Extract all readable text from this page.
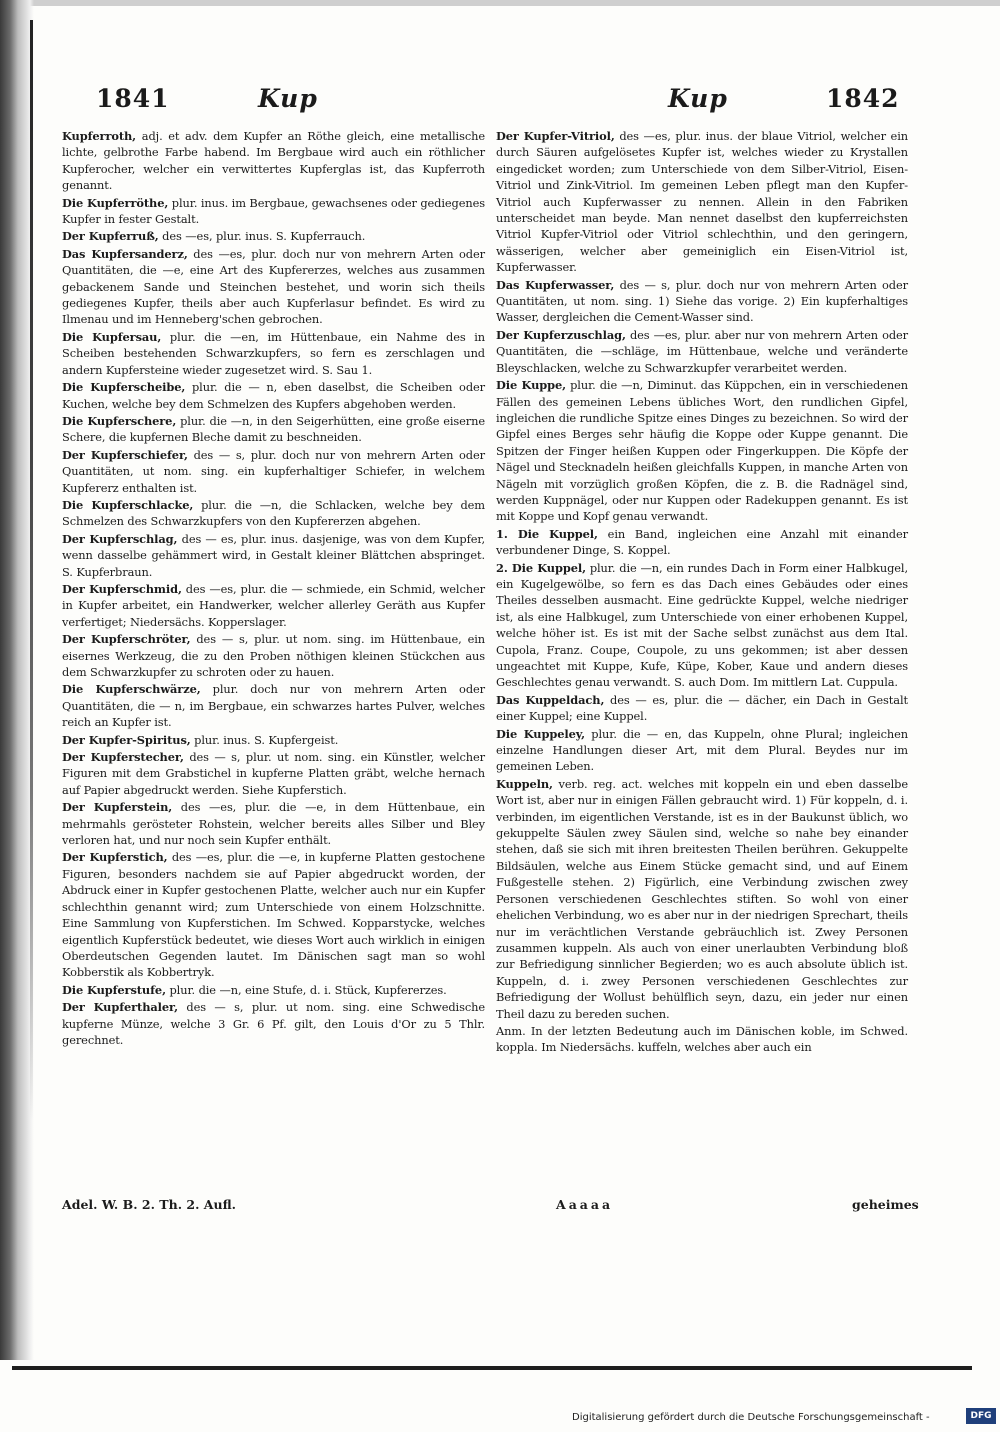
1841	Kup	Kup	1842

Kupferroth, adj. et adv. dem Kupfer an Röthe gleich, eine metallische lichte, gelbrothe Farbe habend. Im Bergbaue wird auch ein röthlicher Kupferocher, welcher ein verwittertes Kupferglas ist, das Kupferroth genannt.

Die Kupferröthe, plur. inus. im Bergbaue, gewachsenes oder gediegenes Kupfer in fester Gestalt.

Der Kupferruß, des —es, plur. inus. S. Kupferrauch.

Das Kupfersanderz, des —es, plur. doch nur von mehrern Arten oder Quantitäten, die —e, eine Art des Kupfererzes, welches aus zusammen gebackenem Sande und Steinchen bestehet, und worin sich theils gediegenes Kupfer, theils aber auch Kupferlasur befindet. Es wird zu Ilmenau und im Henneberg'schen gebrochen.

Die Kupfersau, plur. die —en, im Hüttenbaue, ein Nahme des in Scheiben bestehenden Schwarzkupfers, so fern es zerschlagen und andern Kupfersteine wieder zugesetzet wird. S. Sau 1.

Die Kupferscheibe, plur. die — n, eben daselbst, die Scheiben oder Kuchen, welche bey dem Schmelzen des Kupfers abgehoben werden.

Die Kupferschere, plur. die —n, in den Seigerhütten, eine große eiserne Schere, die kupfernen Bleche damit zu beschneiden.

Der Kupferschiefer, des — s, plur. doch nur von mehrern Arten oder Quantitäten, ut nom. sing. ein kupferhaltiger Schiefer, in welchem Kupfererz enthalten ist.

Die Kupferschlacke, plur. die —n, die Schlacken, welche bey dem Schmelzen des Schwarzkupfers von den Kupfererzen abgehen.

Der Kupferschlag, des — es, plur. inus. dasjenige, was von dem Kupfer, wenn dasselbe gehämmert wird, in Gestalt kleiner Blättchen abspringet. S. Kupferbraun.

Der Kupferschmid, des —es, plur. die — schmiede, ein Schmid, welcher in Kupfer arbeitet, ein Handwerker, welcher allerley Geräth aus Kupfer verfertiget; Niedersächs. Kopperslager.

Der Kupferschröter, des — s, plur. ut nom. sing. im Hüttenbaue, ein eisernes Werkzeug, die zu den Proben nöthigen kleinen Stückchen aus dem Schwarzkupfer zu schroten oder zu hauen.

Die Kupferschwärze, plur. doch nur von mehrern Arten oder Quantitäten, die — n, im Bergbaue, ein schwarzes hartes Pulver, welches reich an Kupfer ist.

Der Kupfer-Spiritus, plur. inus. S. Kupfergeist.

Der Kupferstecher, des — s, plur. ut nom. sing. ein Künstler, welcher Figuren mit dem Grabstichel in kupferne Platten gräbt, welche hernach auf Papier abgedruckt werden. Siehe Kupferstich.

Der Kupferstein, des —es, plur. die —e, in dem Hüttenbaue, ein mehrmahls gerösteter Rohstein, welcher bereits alles Silber und Bley verloren hat, und nur noch sein Kupfer enthält.

Der Kupferstich, des —es, plur. die —e, in kupferne Platten gestochene Figuren, besonders nachdem sie auf Papier abgedruckt worden, der Abdruck einer in Kupfer gestochenen Platte, welcher auch nur ein Kupfer schlechthin genannt wird; zum Unterschiede von einem Holzschnitte. Eine Sammlung von Kupferstichen. Im Schwed. Kopparstycke, welches eigentlich Kupferstück bedeutet, wie dieses Wort auch wirklich in einigen Oberdeutschen Gegenden lautet. Im Dänischen sagt man so wohl Kobberstik als Kobbertryk.

Die Kupferstufe, plur. die —n, eine Stufe, d. i. Stück, Kupfererzes.

Der Kupferthaler, des — s, plur. ut nom. sing. eine Schwedische kupferne Münze, welche 3 Gr. 6 Pf. gilt, den Louis d'Or zu 5 Thlr. gerechnet.

Der Kupfer-Vitriol, des —es, plur. inus. der blaue Vitriol, welcher ein durch Säuren aufgelösetes Kupfer ist, welches wieder zu Krystallen eingedicket worden; zum Unterschiede von dem Silber-Vitriol, Eisen-Vitriol und Zink-Vitriol. Im gemeinen Leben pflegt man den Kupfer-Vitriol auch Kupferwasser zu nennen. Allein in den Fabriken unterscheidet man beyde. Man nennet daselbst den kupferreichsten Vitriol Kupfer-Vitriol oder Vitriol schlechthin, und den geringern, wässerigen, welcher aber gemeiniglich ein Eisen-Vitriol ist, Kupferwasser.

Das Kupferwasser, des — s, plur. doch nur von mehrern Arten oder Quantitäten, ut nom. sing. 1) Siehe das vorige. 2) Ein kupferhaltiges Wasser, dergleichen die Cement-Wasser sind.

Der Kupferzuschlag, des —es, plur. aber nur von mehrern Arten oder Quantitäten, die —schläge, im Hüttenbaue, welche und veränderte Bleyschlacken, welche zu Schwarzkupfer verarbeitet werden.

Die Kuppe, plur. die —n, Diminut. das Küppchen, ein in verschiedenen Fällen des gemeinen Lebens übliches Wort, den rundlichen Gipfel, ingleichen die rundliche Spitze eines Dinges zu bezeichnen. So wird der Gipfel eines Berges sehr häufig die Koppe oder Kuppe genannt. Die Spitzen der Finger heißen Kuppen oder Fingerkuppen. Die Köpfe der Nägel und Stecknadeln heißen gleichfalls Kuppen, in manche Arten von Nägeln mit vorzüglich großen Köpfen, die z. B. die Radnägel sind, werden Kuppnägel, oder nur Kuppen oder Radekuppen genannt. Es ist mit Koppe und Kopf genau verwandt.

1. Die Kuppel, ein Band, ingleichen eine Anzahl mit einander verbundener Dinge, S. Koppel.

2. Die Kuppel, plur. die —n, ein rundes Dach in Form einer Halbkugel, ein Kugelgewölbe, so fern es das Dach eines Gebäudes oder eines Theiles desselben ausmacht. Eine gedrückte Kuppel, welche niedriger ist, als eine Halbkugel, zum Unterschiede von einer erhobenen Kuppel, welche höher ist. Es ist mit der Sache selbst zunächst aus dem Ital. Cupola, Franz. Coupe, Coupole, zu uns gekommen; ist aber dessen ungeachtet mit Kuppe, Kufe, Küpe, Kober, Kaue und andern dieses Geschlechtes genau verwandt. S. auch Dom. Im mittlern Lat. Cuppula.

Das Kuppeldach, des — es, plur. die — dächer, ein Dach in Gestalt einer Kuppel; eine Kuppel.

Die Kuppeley, plur. die — en, das Kuppeln, ohne Plural; ingleichen einzelne Handlungen dieser Art, mit dem Plural. Beydes nur im gemeinen Leben.

Kuppeln, verb. reg. act. welches mit koppeln ein und eben dasselbe Wort ist, aber nur in einigen Fällen gebraucht wird. 1) Für koppeln, d. i. verbinden, im eigentlichen Verstande, ist es in der Baukunst üblich, wo gekuppelte Säulen zwey Säulen sind, welche so nahe bey einander stehen, daß sie sich mit ihren breitesten Theilen berühren. Gekuppelte Bildsäulen, welche aus Einem Stücke gemacht sind, und auf Einem Fußgestelle stehen. 2) Figürlich, eine Verbindung zwischen zwey Personen verschiedenen Geschlechtes stiften. So wohl von einer ehelichen Verbindung, wo es aber nur in der niedrigen Sprechart, theils nur im verächtlichen Verstande gebräuchlich ist. Zwey Personen zusammen kuppeln. Als auch von einer unerlaubten Verbindung bloß zur Befriedigung sinnlicher Begierden; wo es auch absolute üblich ist. Kuppeln, d. i. zwey Personen verschiedenen Geschlechtes zur Befriedigung der Wollust behülflich seyn, dazu, ein jeder nur einen Theil dazu zu bereden suchen.

Anm. In der letzten Bedeutung auch im Dänischen koble, im Schwed. koppla. Im Niedersächs. kuffeln, welches aber auch ein

Adel. W. B. 2. Th. 2. Aufl.	Aaaaa	geheimes
Digitalisierung gefördert durch die Deutsche Forschungsgemeinschaft -	DFG
